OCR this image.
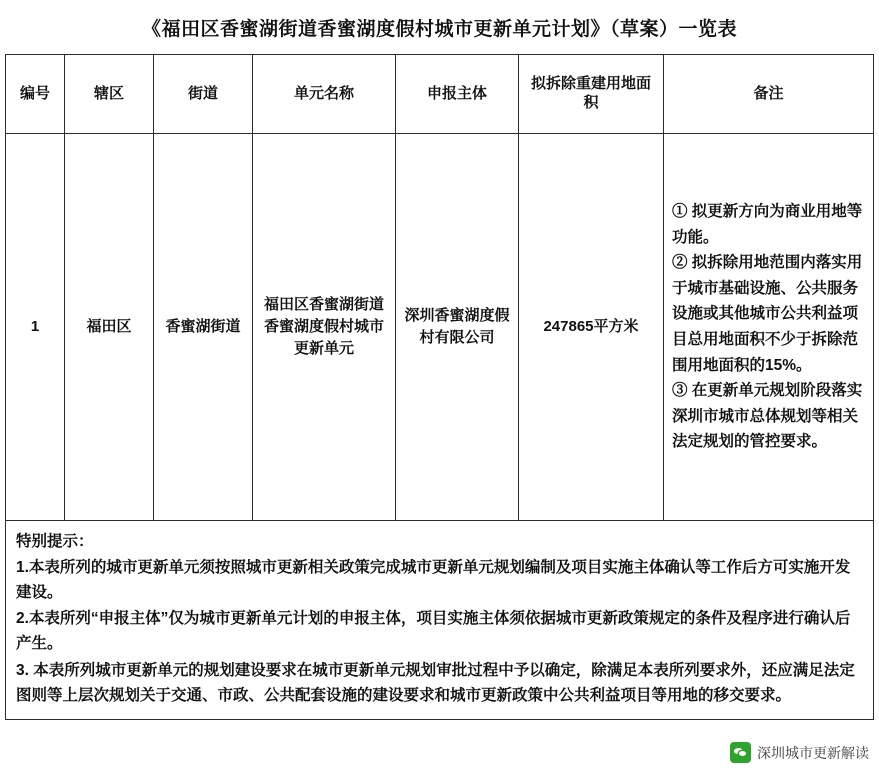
《福田区香蜜湖街道香蜜湖度假村城市更新单元计划》（草案）一览表
编号	辖区	街道	单元名称	申报主体	拟拆除重建用地面积	备注
1	福田区	香蜜湖街道	福田区香蜜湖街道香蜜湖度假村城市更新单元	深圳香蜜湖度假村有限公司	247865平方米	① 拟更新方向为商业用地等功能。
② 拟拆除用地范围内落实用于城市基础设施、公共服务设施或其他城市公共利益项目总用地面积不少于拆除范围用地面积的15%。
③ 在更新单元规划阶段落实深圳市城市总体规划等相关法定规划的管控要求。

特别提示：

1.本表所列的城市更新单元须按照城市更新相关政策完成城市更新单元规划编制及项目实施主体确认等工作后方可实施开发建设。

2.本表所列“申报主体”仅为城市更新单元计划的申报主体，项目实施主体须依据城市更新政策规定的条件及程序进行确认后产生。

3. 本表所列城市更新单元的规划建设要求在城市更新单元规划审批过程中予以确定，除满足本表所列要求外，还应满足法定图则等上层次规划关于交通、市政、公共配套设施的建设要求和城市更新政策中公共利益项目等用地的移交要求。

深圳城市更新解读
